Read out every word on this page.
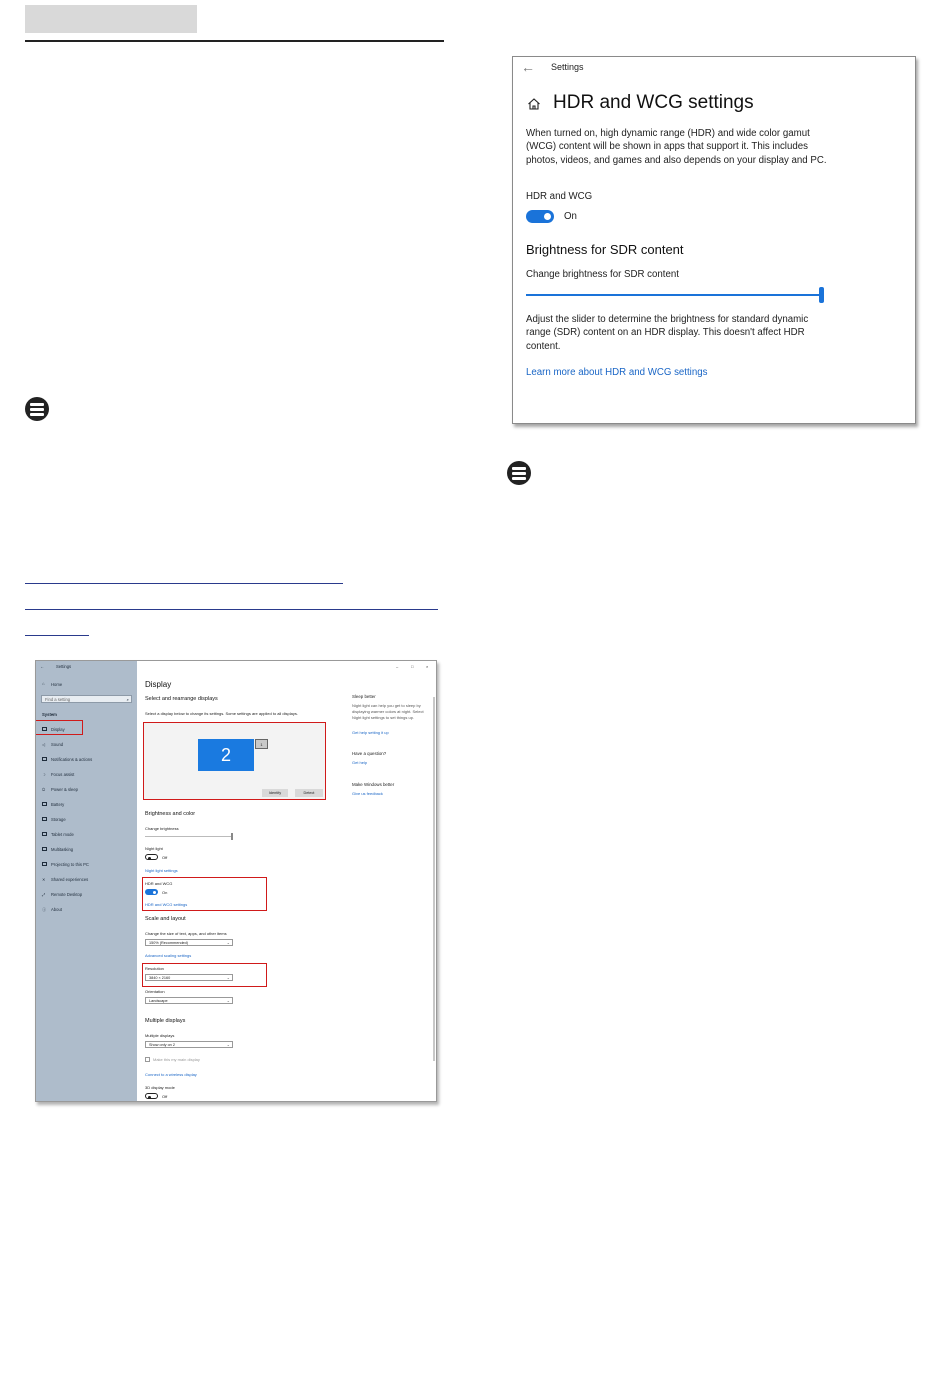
← Settings
HDR and WCG settings
When turned on, high dynamic range (HDR) and wide color gamut (WCG) content will be shown in apps that support it. This includes photos, videos, and games and also depends on your display and PC.
HDR and WCG
On
Brightness for SDR content
Change brightness for SDR content
Adjust the slider to determine the brightness for standard dynamic range (SDR) content on an HDR display. This doesn't affect HDR content.
Learn more about HDR and WCG settings
←	Settings
⌂ Home
Find a setting	⌕
System
Display
◁ Sound
Notifications & actions
☽ Focus assist
⏻ Power & sleep
Battery
Storage
Tablet mode
Multitasking
Projecting to this PC
✕ Shared experiences
⤢ Remote Desktop
ⓘ About
–	□	×
Display
Select and rearrange displays
Select a display below to change its settings. Some settings are applied to all displays.
2
1
Identify	Detect
Brightness and color
Change brightness
Night light
Off
Night light settings
HDR and WCG
On
HDR and WCG settings
Scale and layout
Change the size of text, apps, and other items
150% (Recommended)	⌄
Advanced scaling settings
Resolution
3840 × 2160	⌄
Orientation
Landscape	⌄
Multiple displays
Multiple displays
Show only on 2	⌄
Make this my main display
Connect to a wireless display
3D display mode
Off
Sleep better
Night light can help you get to sleep by displaying warmer colors at night. Select Night light settings to set things up.
Get help setting it up
Have a question?
Get help
Make Windows better
Give us feedback
